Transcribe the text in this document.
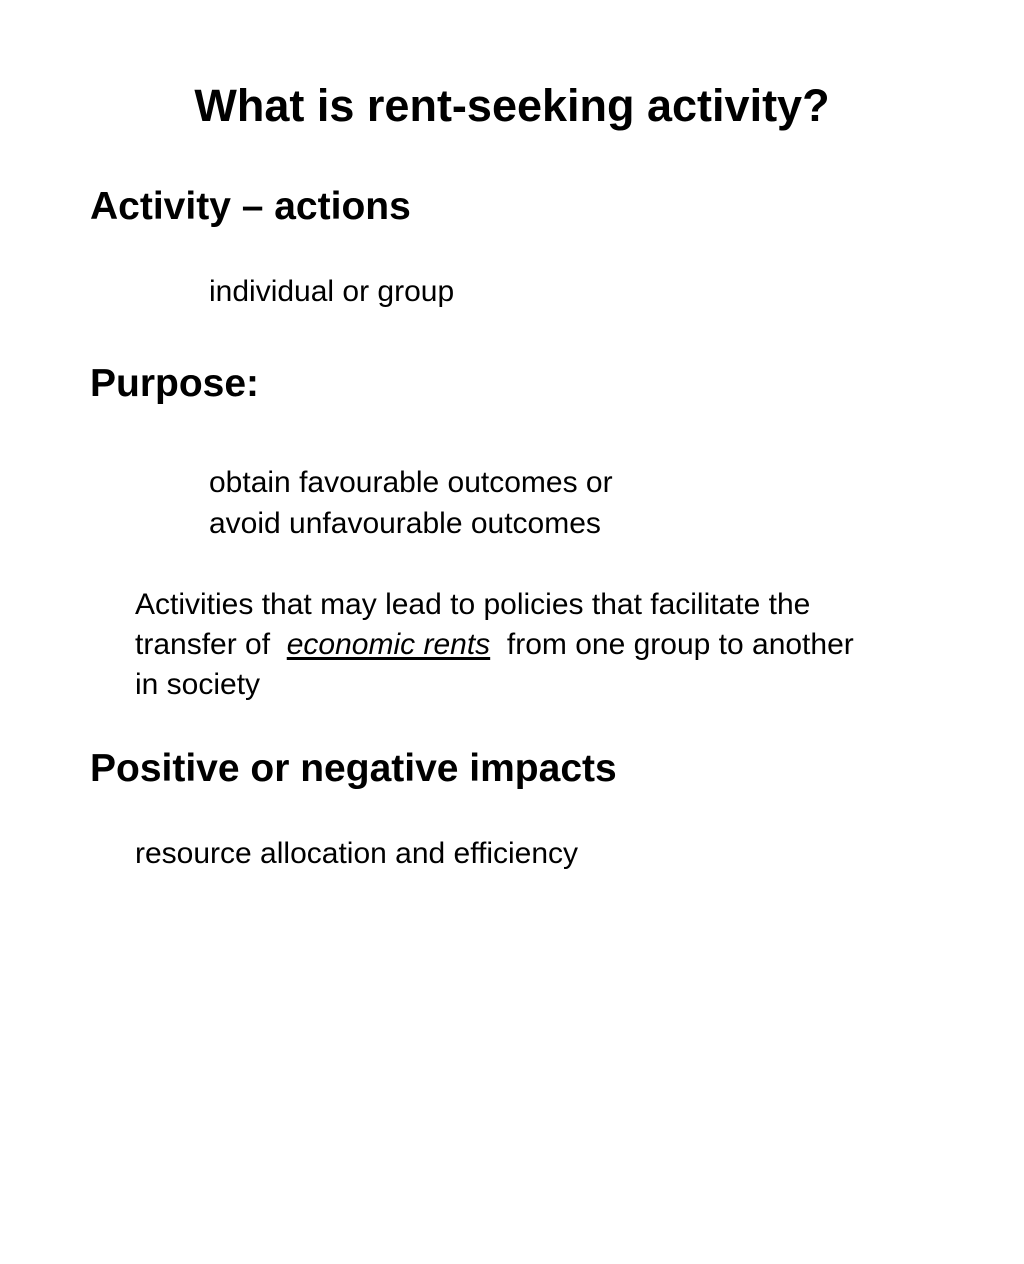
What is rent-seeking activity?
Activity – actions

individual or group

Purpose:

obtain favourable outcomes or

avoid unfavourable outcomes

Activities that may lead to policies that facilitate the

transfer of  economic rents  from one group to another

in society

Positive or negative impacts

resource allocation and efficiency
